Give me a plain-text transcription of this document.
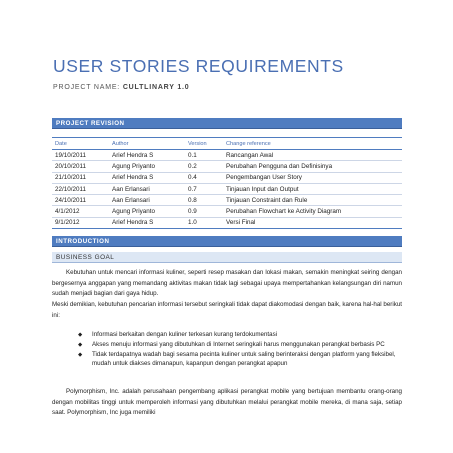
USER STORIES REQUIREMENTS
PROJECT NAME: CULTLINARY 1.0
PROJECT REVISION
Date	Author	Version	Change reference
19/10/2011	Arief Hendra S	0.1	Rancangan Awal
20/10/2011	Agung Priyanto	0.2	Perubahan Pengguna dan Definisinya
21/10/2011	Arief Hendra S	0.4	Pengembangan User Story
22/10/2011	Aan Erlansari	0.7	Tinjauan Input dan Output
24/10/2011	Aan Erlansari	0.8	Tinjauan Constraint dan Rule
4/1/2012	Agung Priyanto	0.9	Perubahan Flowchart ke Activity Diagram
9/1/2012	Arief Hendra S	1.0	Versi Final
INTRODUCTION
BUSINESS GOAL
Kebutuhan untuk mencari informasi kuliner, seperti resep masakan dan lokasi makan, semakin meningkat seiring dengan bergesernya anggapan yang memandang aktivitas makan tidak lagi sebagai upaya mempertahankan kelangsungan diri namun sudah menjadi bagian dari gaya hidup.
Meski demikian, kebutuhan pencarian informasi tersebut seringkali tidak dapat diakomodasi dengan baik, karena hal-hal berikut ini:
◆ Informasi berkaitan dengan kuliner terkesan kurang terdokumentasi
◆ Akses menuju informasi yang dibutuhkan di Internet seringkali harus menggunakan perangkat berbasis PC
◆ Tidak terdapatnya wadah bagi sesama pecinta kuliner untuk saling berinteraksi dengan platform yang fleksibel, mudah untuk diakses dimanapun, kapanpun dengan perangkat apapun
Polymorphism, Inc. adalah perusahaan pengembang aplikasi perangkat mobile yang bertujuan membantu orang-orang dengan mobilitas tinggi untuk memperoleh informasi yang dibutuhkan melalui perangkat mobile mereka, di mana saja, setiap saat. Polymorphism, Inc juga memiliki
